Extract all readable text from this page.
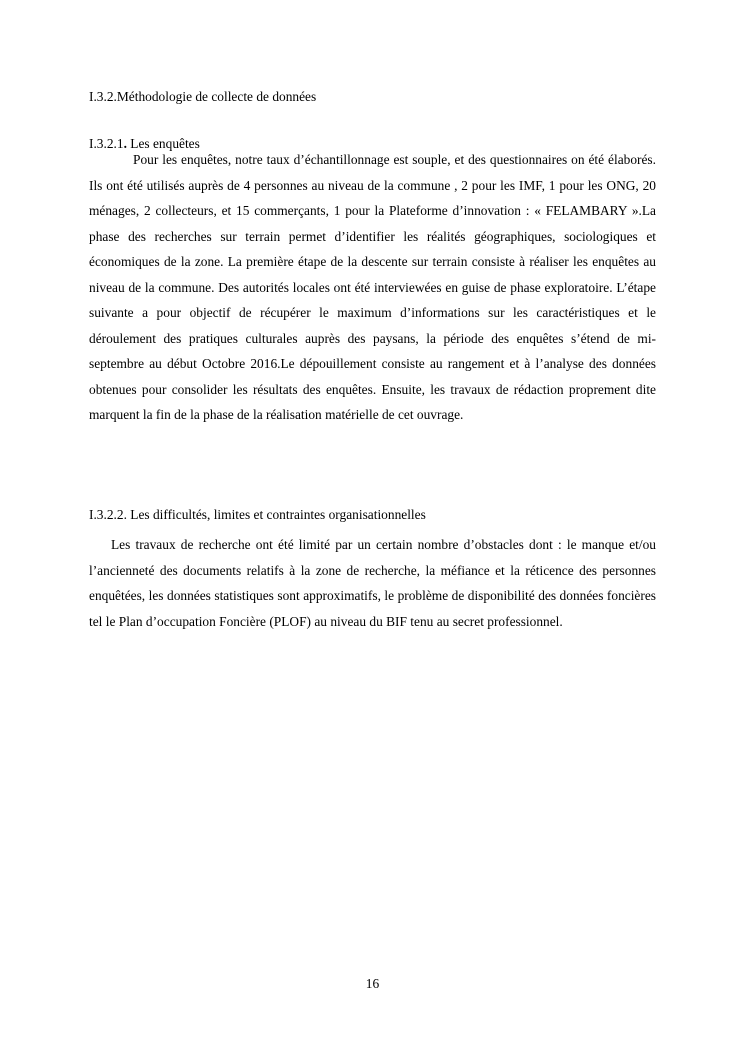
I.3.2.Méthodologie de collecte de données
I.3.2.1. Les enquêtes

Pour les enquêtes, notre taux d’échantillonnage est souple, et des questionnaires on été élaborés. Ils ont été utilisés auprès de 4 personnes au niveau de la commune , 2 pour les IMF, 1 pour les ONG, 20 ménages, 2 collecteurs, et 15 commerçants, 1 pour la Plateforme d’innovation : « FELAMBARY ».La phase des recherches sur terrain permet d’identifier les réalités géographiques, sociologiques et économiques de la zone. La première étape de la descente sur terrain consiste à réaliser les enquêtes au niveau de la commune. Des autorités locales ont été interviewées en guise de phase exploratoire. L’étape suivante a pour objectif de récupérer le maximum d’informations sur les caractéristiques et le déroulement des pratiques culturales auprès des paysans, la période des enquêtes s’étend de mi-septembre au début Octobre 2016.Le dépouillement consiste au rangement et à l’analyse des données obtenues pour consolider les résultats des enquêtes. Ensuite, les travaux de rédaction proprement dite marquent la fin de la phase de la réalisation matérielle de cet ouvrage.

I.3.2.2. Les difficultés, limites et contraintes organisationnelles

Les travaux de recherche ont été limité par un certain nombre d’obstacles dont : le manque et/ou l’ancienneté des documents relatifs à la zone de recherche, la méfiance et la réticence des personnes enquêtées, les données statistiques sont approximatifs, le problème de disponibilité des données foncières tel le Plan d’occupation Foncière (PLOF) au niveau du BIF tenu au secret professionnel.

16
